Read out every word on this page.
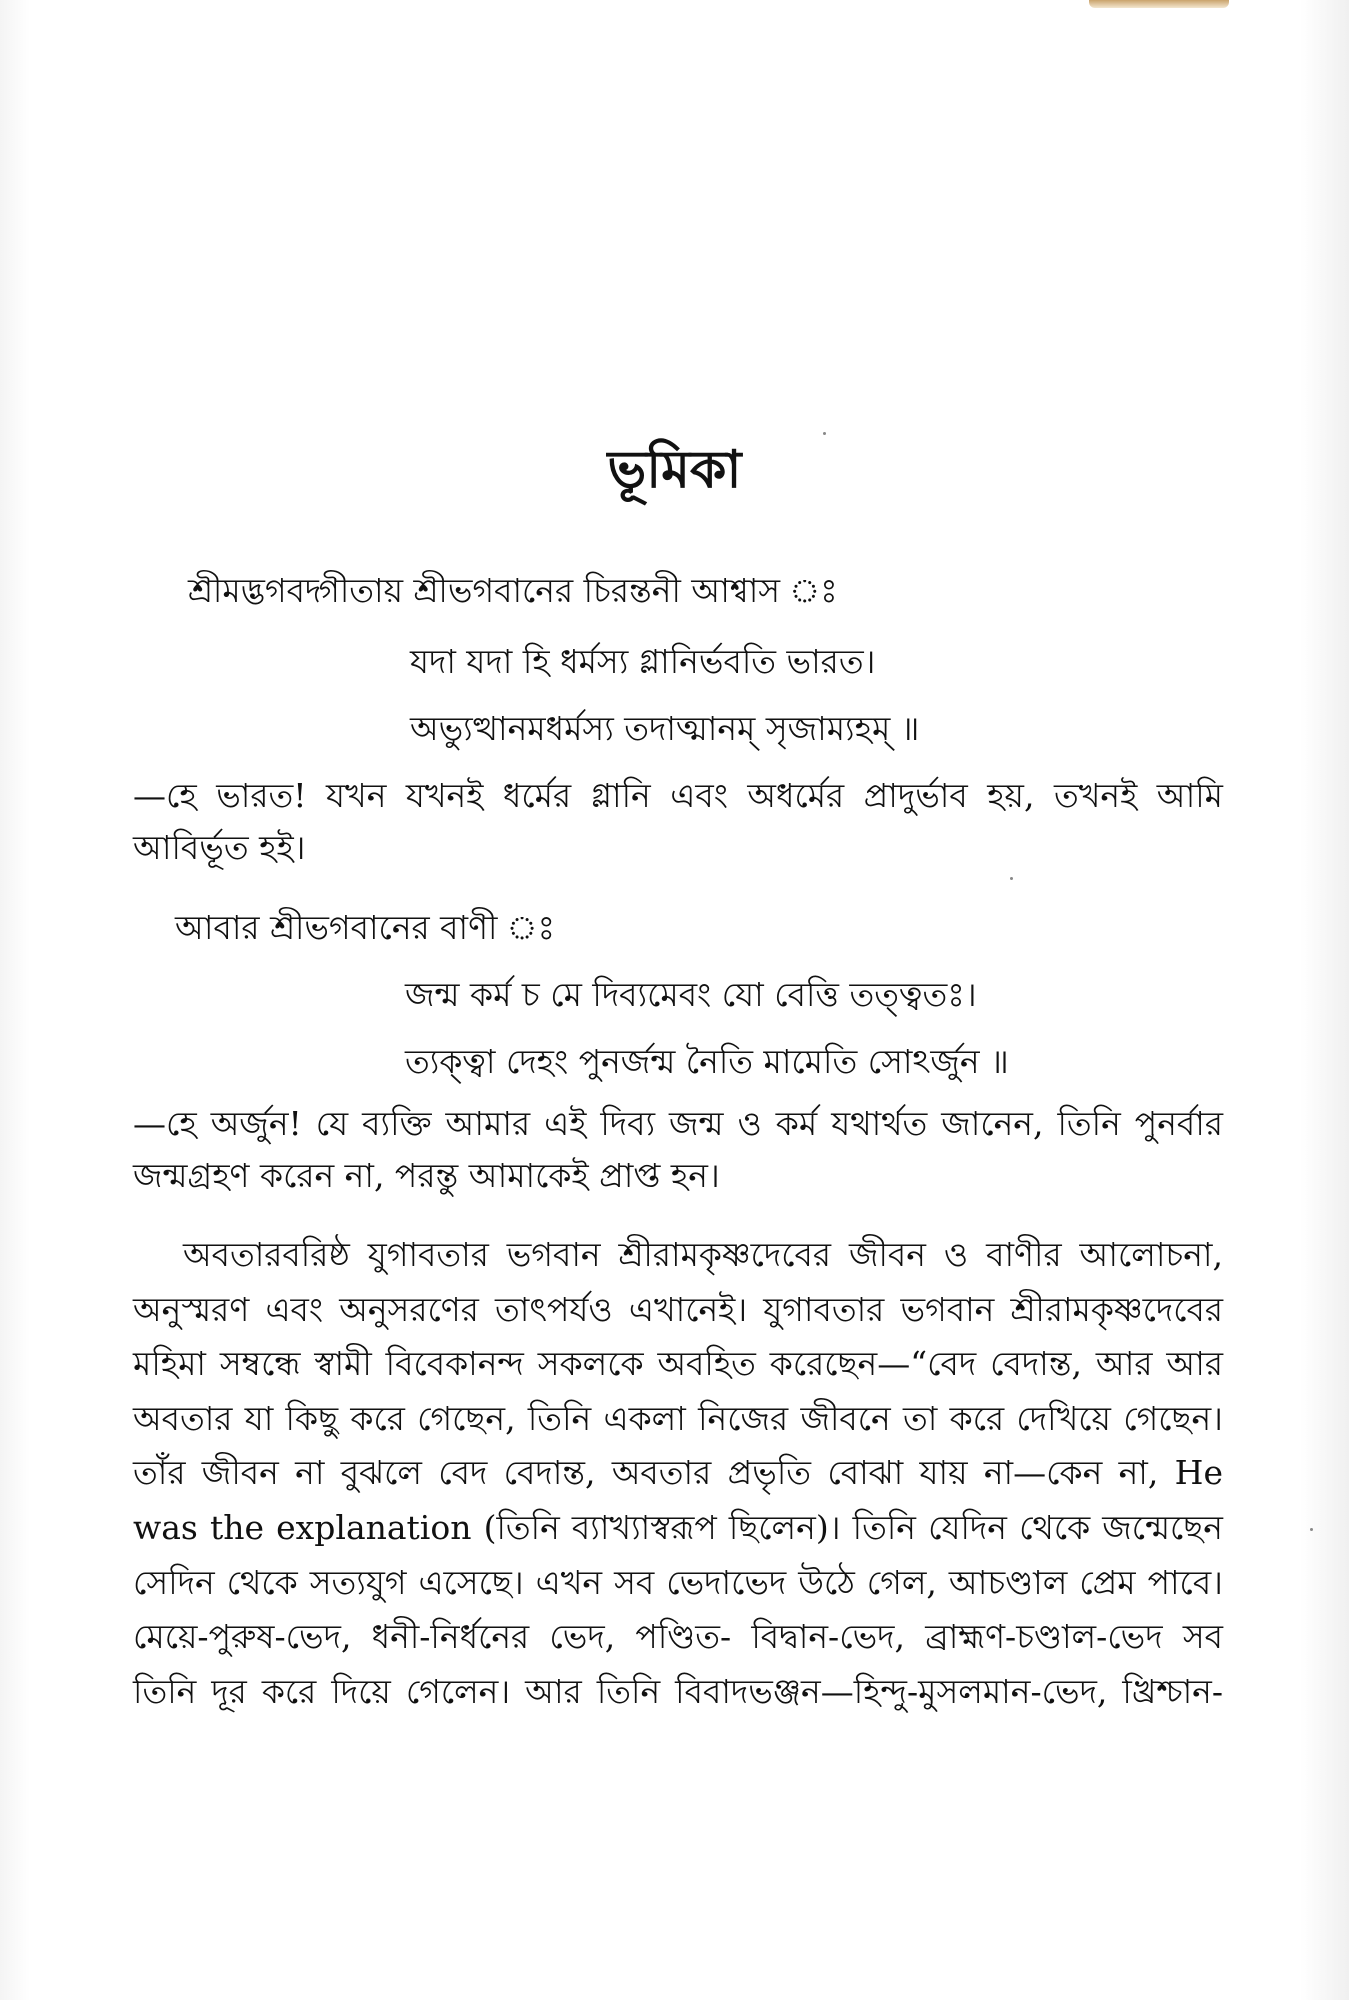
ভূমিকা
শ্রীমদ্ভগবদ্গীতায় শ্রীভগবানের চিরন্তনী আশ্বাস ঃ
যদা যদা হি ধর্মস্য গ্লানির্ভবতি ভারত।
অভ্যুত্থানমধর্মস্য তদাত্মানম্ সৃজাম্যহম্ ॥
—হে ভারত! যখন যখনই ধর্মের গ্লানি এবং অধর্মের প্রাদুর্ভাব হয়, তখনই আমি আবির্ভূত হই।
আবার শ্রীভগবানের বাণী ঃ
জন্ম কর্ম চ মে দিব্যমেবং যো বেত্তি তত্ত্বতঃ।
ত্যক্ত্বা দেহং পুনর্জন্ম নৈতি মামেতি সোঽর্জুন ॥
—হে অর্জুন! যে ব্যক্তি আমার এই দিব্য জন্ম ও কর্ম যথার্থত জানেন, তিনি পুনর্বার জন্মগ্রহণ করেন না, পরন্তু আমাকেই প্রাপ্ত হন।
অবতারবরিষ্ঠ যুগাবতার ভগবান শ্রীরামকৃষ্ণদেবের জীবন ও বাণীর আলোচনা, অনুস্মরণ এবং অনুসরণের তাৎপর্যও এখানেই। যুগাবতার ভগবান শ্রীরামকৃষ্ণদেবের মহিমা সম্বন্ধে স্বামী বিবেকানন্দ সকলকে অবহিত করেছেন—“বেদ বেদান্ত, আর আর অবতার যা কিছু করে গেছেন, তিনি একলা নিজের জীবনে তা করে দেখিয়ে গেছেন। তাঁর জীবন না বুঝলে বেদ বেদান্ত, অবতার প্রভৃতি বোঝা যায় না—কেন না, He was the explanation (তিনি ব্যাখ্যাস্বরূপ ছিলেন)। তিনি যেদিন থেকে জন্মেছেন সেদিন থেকে সত্যযুগ এসেছে। এখন সব ভেদাভেদ উঠে গেল, আচণ্ডাল প্রেম পাবে। মেয়ে-পুরুষ-ভেদ, ধনী-নির্ধনের ভেদ, পণ্ডিত- বিদ্বান-ভেদ, ব্রাহ্মণ-চণ্ডাল-ভেদ সব তিনি দূর করে দিয়ে গেলেন। আর তিনি বিবাদভঞ্জন—হিন্দু-মুসলমান-ভেদ, খ্রিশ্চান-
